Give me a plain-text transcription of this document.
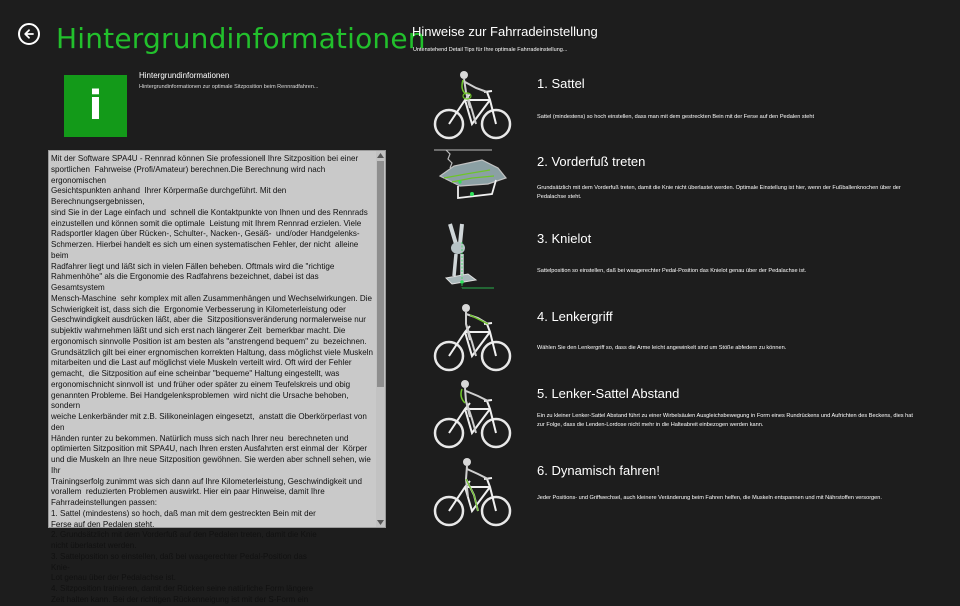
Hintergrundinformationen
i
Hintergrundinformationen
Hintergrundinformationen zur optimale Sitzposition beim Rennradfahren...
Mit der Software SPA4U - Rennrad können Sie professionell Ihre Sitzposition bei einer
sportlichen  Fahrweise (Profi/Amateur) berechnen.Die Berechnung wird nach ergonomischen
Gesichtspunkten anhand  Ihrer Körpermaße durchgeführt. Mit den Berechnungsergebnissen,
sind Sie in der Lage einfach und  schnell die Kontaktpunkte von Ihnen und des Rennrads
einzustellen und können somit die optimale  Leistung mit Ihrem Rennrad erzielen. Viele
Radsportler klagen über Rücken-, Schulter-, Nacken-, Gesäß-  und/oder Handgelenks-
Schmerzen. Hierbei handelt es sich um einen systematischen Fehler, der nicht  alleine beim
Radfahrer liegt und läßt sich in vielen Fällen beheben. Oftmals wird die "richtige
Rahmenhöhe" als die Ergonomie des Radfahrens bezeichnet, dabei ist das Gesamtsystem
Mensch-Maschine  sehr komplex mit allen Zusammenhängen und Wechselwirkungen. Die
Schwierigkeit ist, dass sich die  Ergonomie Verbesserung in Kilometerleistung oder
Geschwindigkeit ausdrücken läßt, aber die  Sitzpositionsveränderung normalerweise nur
subjektiv wahrnehmen läßt und sich erst nach längerer Zeit  bemerkbar macht. Die
ergonomisch sinnvolle Position ist am besten als "anstrengend bequem" zu  bezeichnen.
Grundsätzlich gilt bei einer ergnomischen korrekten Haltung, dass möglichst viele Muskeln
mitarbeiten und die Last auf möglichst viele Muskeln verteilt wird. Oft wird der Fehler
gemacht,  die Sitzposition auf eine scheinbar "bequeme" Haltung eingestellt, was
ergonomischnicht sinnvoll ist  und früher oder später zu einem Teufelskreis und obig
genannten Probleme. Bei Handgelenksproblemen  wird nicht die Ursache behoben, sondern
weiche Lenkerbänder mit z.B. Silikoneinlagen eingesetzt,  anstatt die Oberkörperlast von den
Händen runter zu bekommen. Natürlich muss sich nach Ihrer neu  berechneten und
optimierten Sitzposition mit SPA4U, nach Ihren ersten Ausfahrten erst einmal der  Körper
und die Muskeln an Ihre neue Sitzposition gewöhnen. Sie werden aber schnell sehen, wie Ihr
Trainingserfolg zunimmt was sich dann auf Ihre Kilometerleistung, Geschwindigkeit und
vorallem  reduzierten Problemen auswirkt. Hier ein paar Hinweise, damit Ihre
Fahrradeinstellungen passen:
1. Sattel (mindestens) so hoch, daß man mit dem gestreckten Bein mit der
Ferse auf den Pedalen steht.
2. Grundsätzlich mit dem Vorderfuß auf den Pedalen treten, damit die Knie
nicht überlastet werden.
3. Sattelposition so einstellen, daß bei waagerechter Pedal-Position das
Knie-
Lot genau über der Pedalachse ist.
4. Sitzposition trainieren, damit der Rücken seine natürliche Form längere
Zeit halten kann. Bei der richtigen Rückenneigung ist mit der S-Form ein
Hinweise zur Fahrradeinstellung
Untenstehend Detail Tips für Ihre optimale Fahrradeinstellung...
1. Sattel
Sattel (mindestens) so hoch einstellen, dass man mit dem gestreckten Bein mit der Ferse auf den Pedalen steht
2. Vorderfuß treten
Grundsätzlich mit dem Vorderfuß treten, damit die Knie nicht überlastet werden. Optimale Einstellung ist hier, wenn der Fußballenknochen über der Pedalachse steht.
3. Knielot
Sattelposition so einstellen, daß bei waagerechter Pedal-Position das Knielot genau über der Pedalachse ist.
4. Lenkergriff
Wählen Sie den Lenkergriff so, dass die Arme leicht angewinkelt sind um Stöße abfedern zu können.
5. Lenker-Sattel Abstand
Ein zu kleiner Lenker-Sattel Abstand führt zu einer Wirbelsäulen Ausgleichsbewegung in Form eines Rundrückens und Aufrichten des Beckens, dies hat zur Folge, dass die Lenden-Lordose nicht mehr in die Halteabreit einbezogen werden kann.
6. Dynamisch fahren!
Jeder Positions- und Griffwechsel, auch kleinere Veränderung beim Fahren helfen, die Muskeln entspannen und mit Nährstoffen versorgen.
